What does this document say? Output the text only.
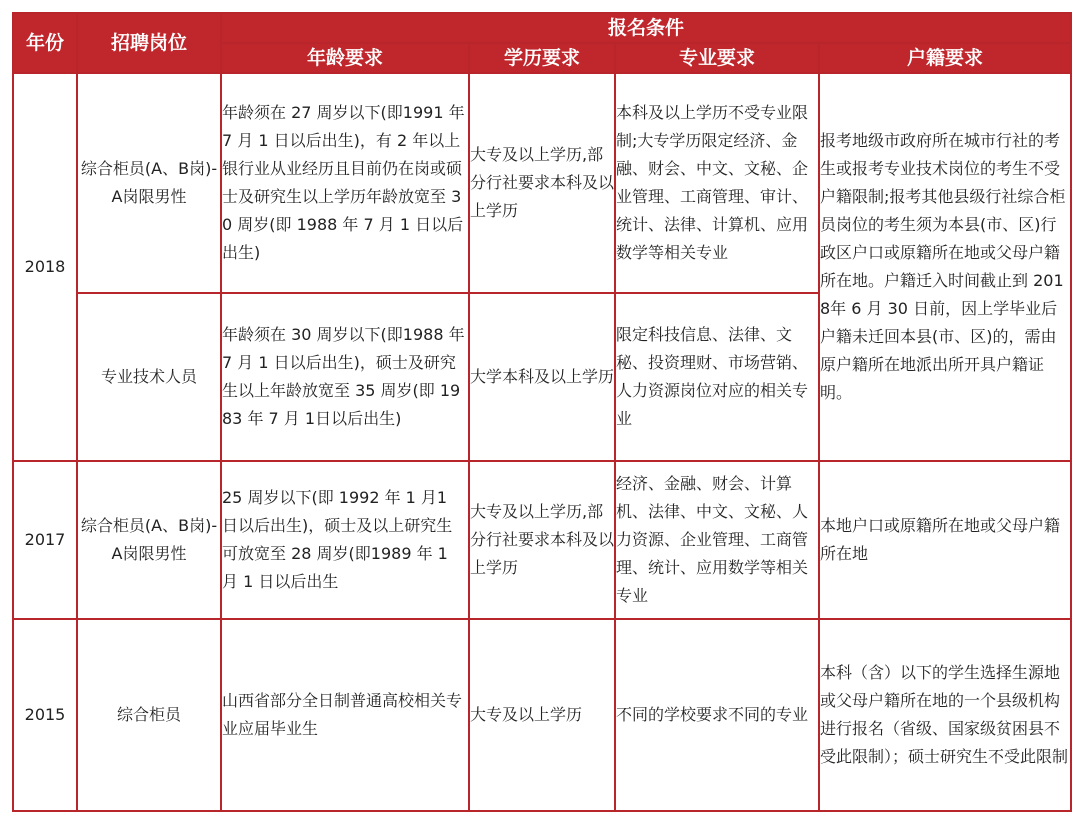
年份	招聘岗位	报名条件			
		年龄要求	学历要求	专业要求	户籍要求
2018	综合柜员(A、B岗)-A岗限男性	年龄须在 27 周岁以下(即1991 年 7 月 1 日以后出生)，有 2 年以上银行业从业经历且目前仍在岗或硕士及研究生以上学历年龄放宽至 30 周岁(即 1988 年 7 月 1 日以后出生)	大专及以上学历,部分行社要求本科及以上学历	本科及以上学历不受专业限制;大专学历限定经济、金融、财会、中文、文秘、企业管理、工商管理、审计、统计、法律、计算机、应用数学等相关专业	报考地级市政府所在城市行社的考生或报考专业技术岗位的考生不受户籍限制;报考其他县级行社综合柜员岗位的考生须为本县(市、区)行政区户口或原籍所在地或父母户籍所在地。户籍迁入时间截止到 2018年 6 月 30 日前，因上学毕业后户籍未迁回本县(市、区)的，需由原户籍所在地派出所开具户籍证明。
	专业技术人员	年龄须在 30 周岁以下(即1988 年 7 月 1 日以后出生)，硕士及研究生以上年龄放宽至 35 周岁(即 1983 年 7 月 1日以后出生)	大学本科及以上学历	限定科技信息、法律、文秘、投资理财、市场营销、人力资源岗位对应的相关专业	
2017	综合柜员(A、B岗)-A岗限男性	25 周岁以下(即 1992 年 1 月1 日以后出生)，硕士及以上研究生可放宽至 28 周岁(即1989 年 1 月 1 日以后出生	大专及以上学历,部分行社要求本科及以上学历	经济、金融、财会、计算机、法律、中文、文秘、人力资源、企业管理、工商管理、统计、应用数学等相关专业	本地户口或原籍所在地或父母户籍所在地
2015	综合柜员	山西省部分全日制普通高校相关专业应届毕业生	大专及以上学历	不同的学校要求不同的专业	本科（含）以下的学生选择生源地或父母户籍所在地的一个县级机构进行报名（省级、国家级贫困县不受此限制）；硕士研究生不受此限制
